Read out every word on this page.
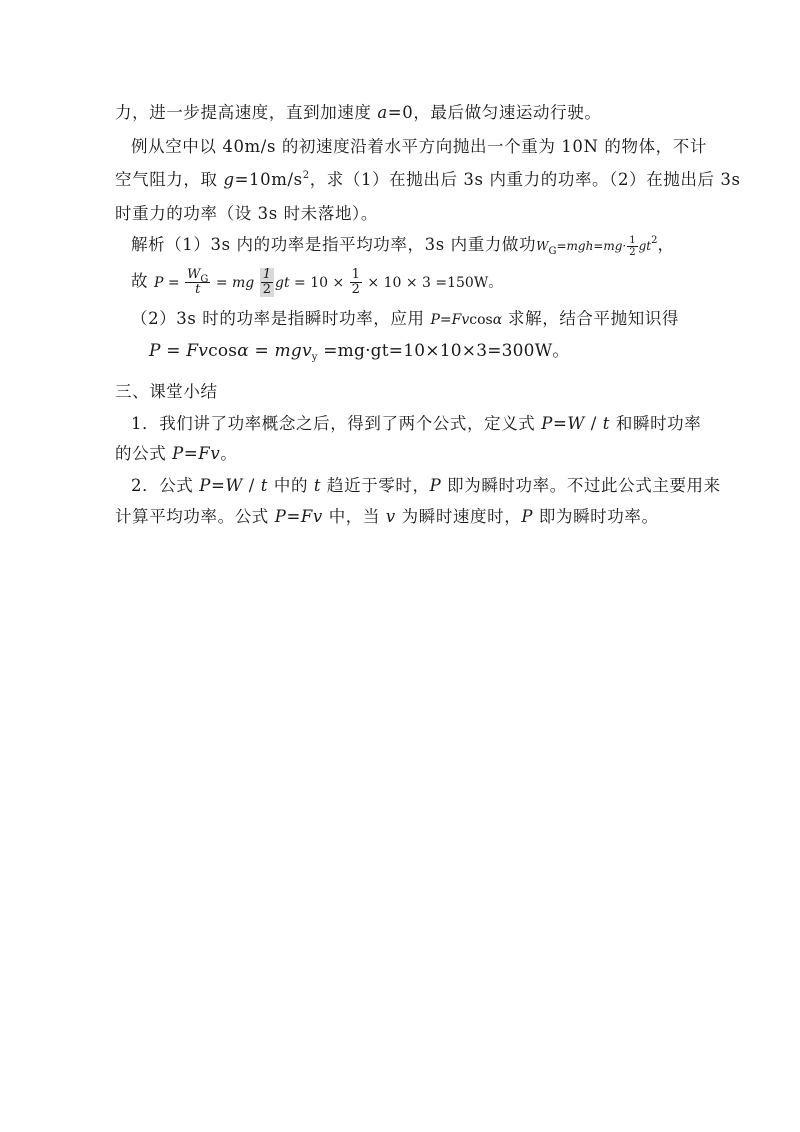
力，进一步提高速度，直到加速度 a=0，最后做匀速运动行驶。
例从空中以 40m/s 的初速度沿着水平方向抛出一个重为 10N 的物体，不计
空气阻力，取 $g=10m/s^2$，求（1）在抛出后 3s 内重力的功率。（2）在抛出后 3s
时重力的功率（设 3s 时未落地）。
解析（1）3s 内的功率是指平均功率，3s 内重力做功$W_G=mgh=mg\cdot \frac{1}{2} gt^2$，
故 $P = \frac{W_G}{t}$ = mg $\frac{1}{2}$ gt = $10 \times \frac{1}{2} \times 10 \times 3 =150W$。
（2）3s 时的功率是指瞬时功率，应用 P=Fvcosα 求解，结合平抛知识得
P = Fvcosα = mgv$_y$ =mg·gt=10×10×3=300W。
三、课堂小结
1．我们讲了功率概念之后，得到了两个公式，定义式 P=W / t 和瞬时功率
的公式 P=Fv。
2．公式 P=W / t 中的 t 趋近于零时，P 即为瞬时功率。不过此公式主要用来
计算平均功率。公式 P=Fv 中，当 v 为瞬时速度时，P 即为瞬时功率。
